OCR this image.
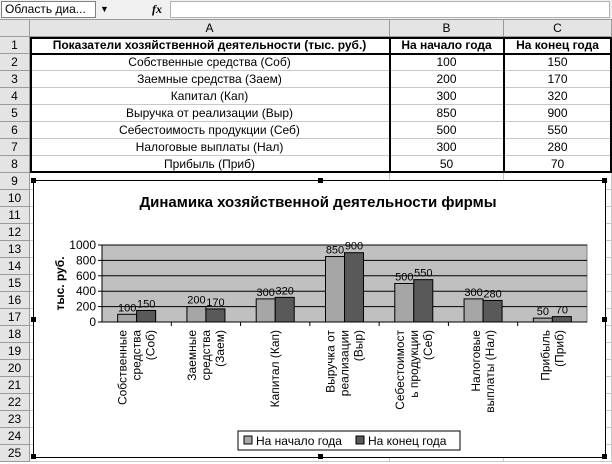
Область диа...	▼	fx
A	B	C
1
2
3
4
5
6
7
8
9
10
11
12
13
14
15
16
17
18
19
20
21
22
23
24
25
Показатели хозяйственной деятельности (тыс. руб.)	На начало года	На конец года
Собственные средства (Соб)	100	150
Заемные средства (Заем)	200	170
Капитал (Кап)	300	320
Выручка от реализации (Выр)	850	900
Себестоимость продукции (Себ)	500	550
Налоговые выплаты (Нал)	300	280
Прибыль (Приб)	50	70
Динамика хозяйственной деятельности фирмы
тыс. руб.
0
200
400
600
800
1000
100 150
Собственные средства (Соб)
200 170
Заемные средства (Заем)
300 320
Капитал (Кап)
850 900
Выручка от реализации (Выр)
500 550
Себестоимост ь продукции (Себ)
300 280
Налоговые выплаты (Нал)
50 70
Прибыль (Приб)
На начало года На конец года
